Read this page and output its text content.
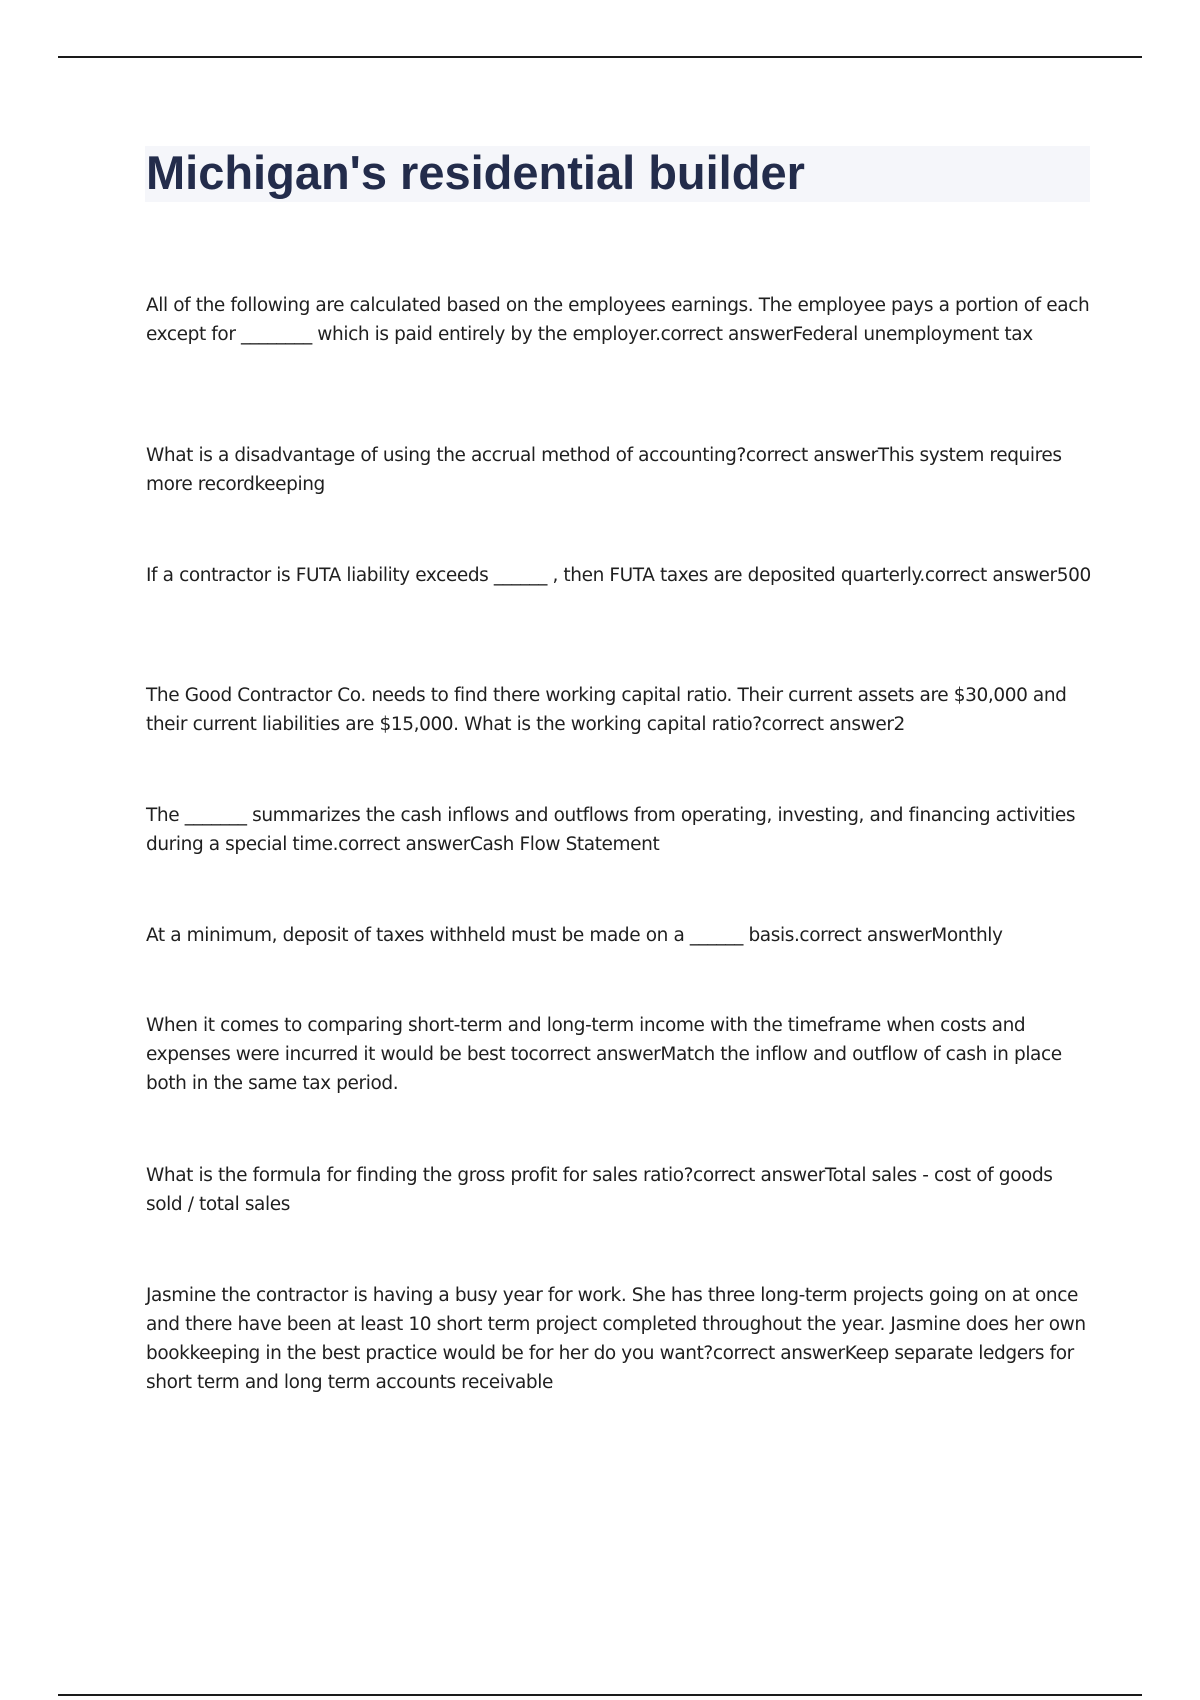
Michigan's residential builder

All of the following are calculated based on the employees earnings. The employee pays a portion of each except for ________ which is paid entirely by the employer.correct answerFederal unemployment tax

What is a disadvantage of using the accrual method of accounting?correct answerThis system requires more recordkeeping

If a contractor is FUTA liability exceeds ______ , then FUTA taxes are deposited quarterly.correct answer500

The Good Contractor Co. needs to find there working capital ratio. Their current assets are $30,000 and their current liabilities are $15,000. What is the working capital ratio?correct answer2

The _______ summarizes the cash inflows and outflows from operating, investing, and financing activities during a special time.correct answerCash Flow Statement

At a minimum, deposit of taxes withheld must be made on a ______ basis.correct answerMonthly

When it comes to comparing short-term and long-term income with the timeframe when costs and expenses were incurred it would be best tocorrect answerMatch the inflow and outflow of cash in place both in the same tax period.

What is the formula for finding the gross profit for sales ratio?correct answerTotal sales - cost of goods sold / total sales

Jasmine the contractor is having a busy year for work. She has three long-term projects going on at once and there have been at least 10 short term project completed throughout the year. Jasmine does her own bookkeeping in the best practice would be for her do you want?correct answerKeep separate ledgers for short term and long term accounts receivable
